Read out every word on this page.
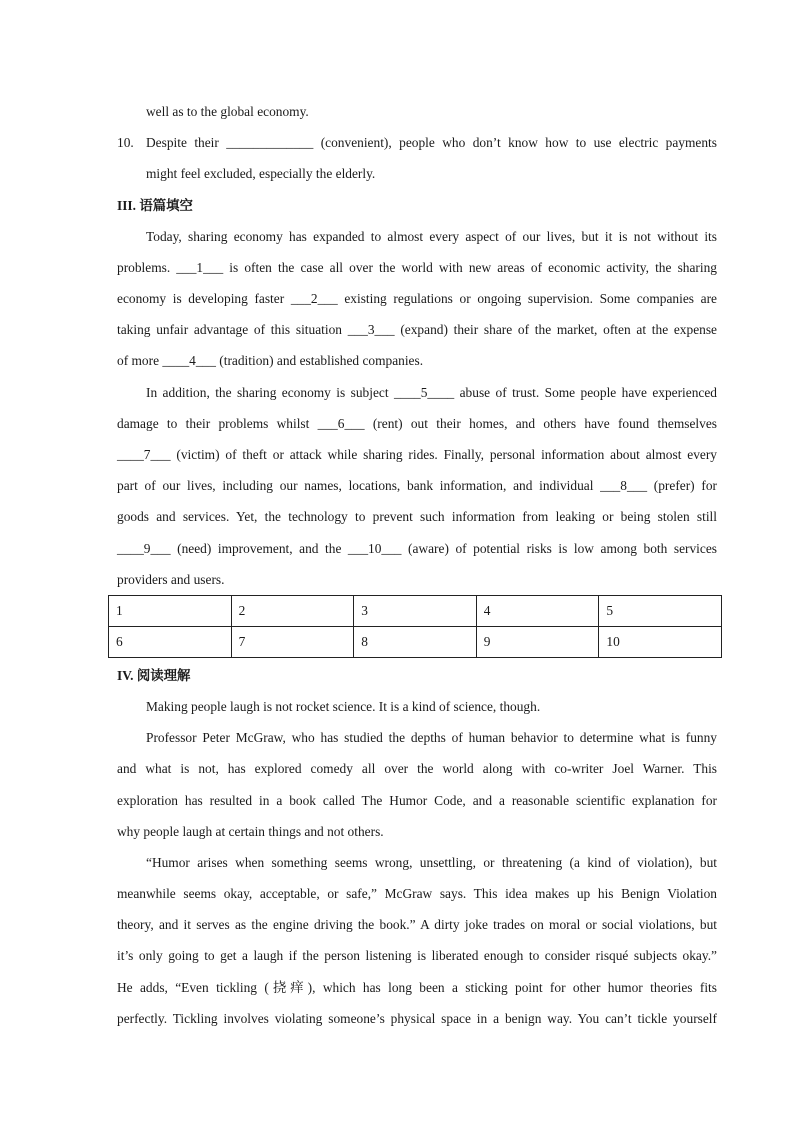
well as to the global economy.
10. Despite their _____________ (convenient), people who don’t know how to use electric payments
might feel excluded, especially the elderly.
III. 语篇填空
Today, sharing economy has expanded to almost every aspect of our lives, but it is not without its
problems. ___1___ is often the case all over the world with new areas of economic activity, the sharing
economy is developing faster ___2___ existing regulations or ongoing supervision. Some companies are
taking unfair advantage of this situation ___3___ (expand) their share of the market, often at the expense
of more ____4___ (tradition) and established companies.
In addition, the sharing economy is subject ____5____ abuse of trust. Some people have experienced
damage to their problems whilst ___6___ (rent) out their homes, and others have found themselves
____7___ (victim) of theft or attack while sharing rides. Finally, personal information about almost every
part of our lives, including our names, locations, bank information, and individual ___8___ (prefer) for
goods and services. Yet, the technology to prevent such information from leaking or being stolen still
____9___ (need) improvement, and the ___10___ (aware) of potential risks is low among both services
providers and users.
1	2	3	4	5
6	7	8	9	10
IV. 阅读理解
Making people laugh is not rocket science. It is a kind of science, though.
Professor Peter McGraw, who has studied the depths of human behavior to determine what is funny
and what is not, has explored comedy all over the world along with co-writer Joel Warner. This
exploration has resulted in a book called The Humor Code, and a reasonable scientific explanation for
why people laugh at certain things and not others.
“Humor arises when something seems wrong, unsettling, or threatening (a kind of violation), but
meanwhile seems okay, acceptable, or safe,” McGraw says. This idea makes up his Benign Violation
theory, and it serves as the engine driving the book.” A dirty joke trades on moral or social violations, but
it’s only going to get a laugh if the person listening is liberated enough to consider risqué subjects okay.”
He adds, “Even tickling (挠痒), which has long been a sticking point for other humor theories fits
perfectly. Tickling involves violating someone’s physical space in a benign way. You can’t tickle yourself
